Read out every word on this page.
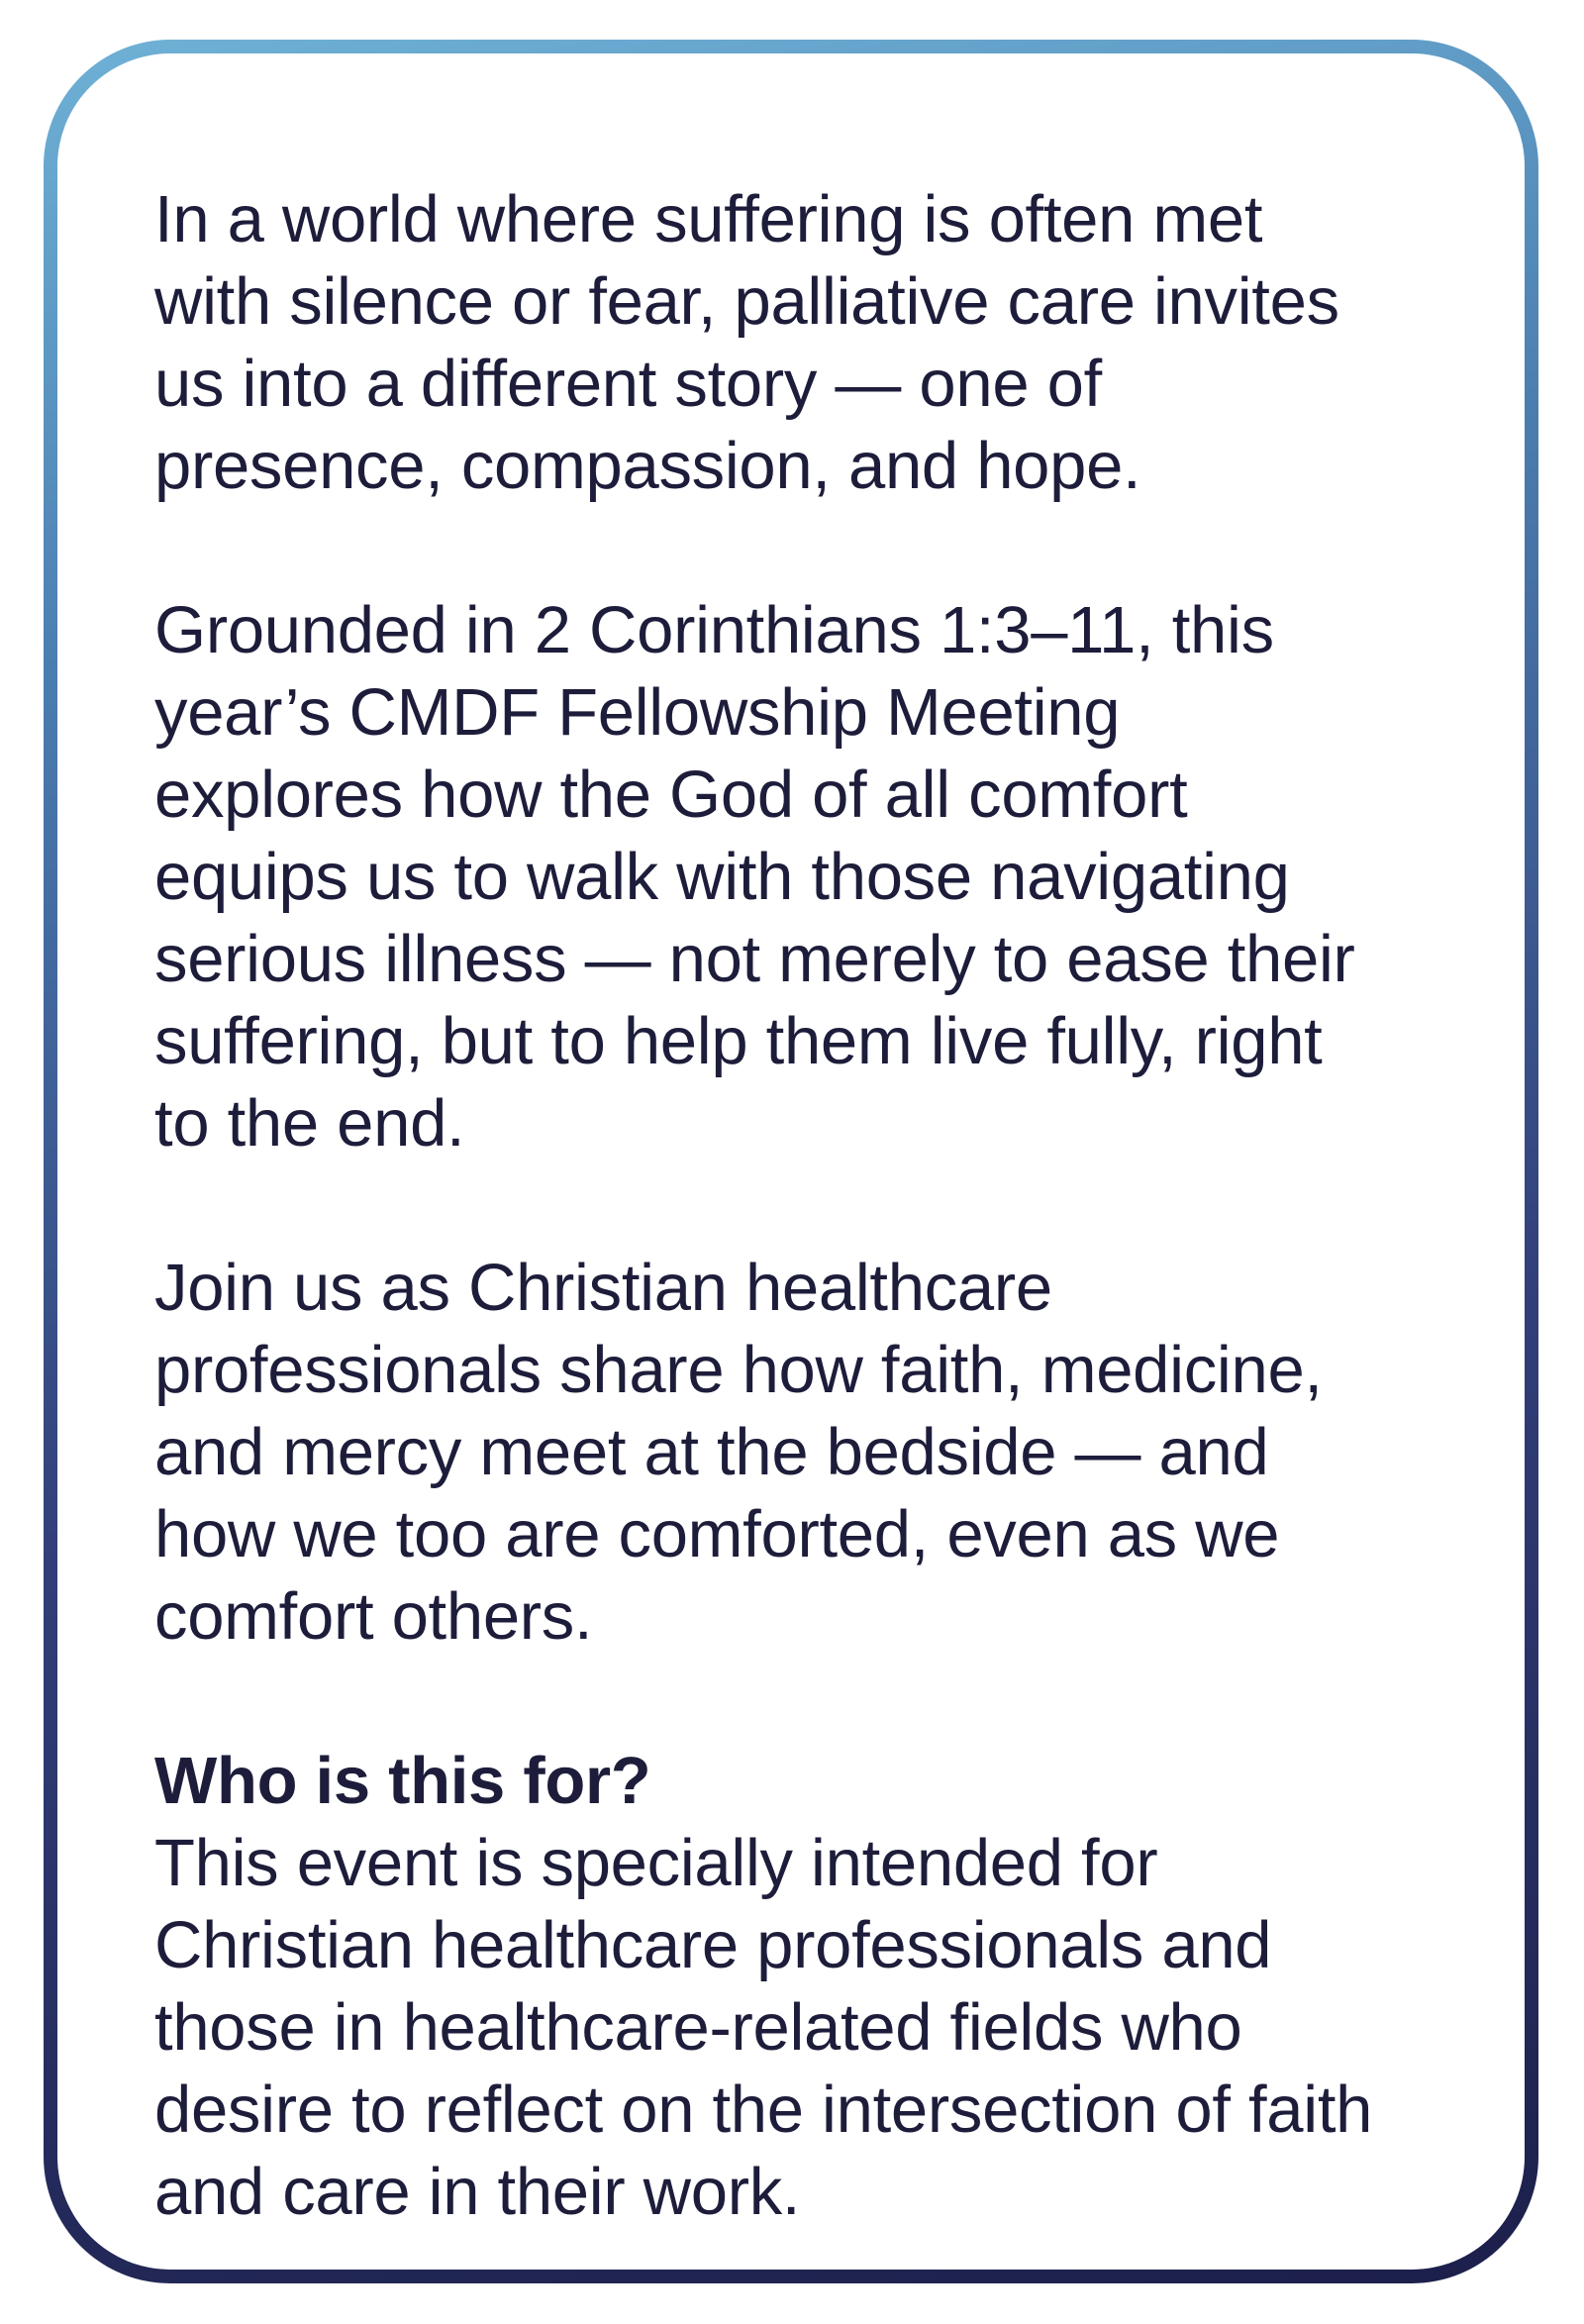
In a world where suffering is often met
with silence or fear, palliative care invites
us into a different story — one of
presence, compassion, and hope.

Grounded in 2 Corinthians 1:3–11, this
year’s CMDF Fellowship Meeting
explores how the God of all comfort
equips us to walk with those navigating
serious illness — not merely to ease their
suffering, but to help them live fully, right
to the end.

Join us as Christian healthcare
professionals share how faith, medicine,
and mercy meet at the bedside — and
how we too are comforted, even as we
comfort others.

Who is this for?

This event is specially intended for
Christian healthcare professionals and
those in healthcare-related fields who
desire to reflect on the intersection of faith
and care in their work.
